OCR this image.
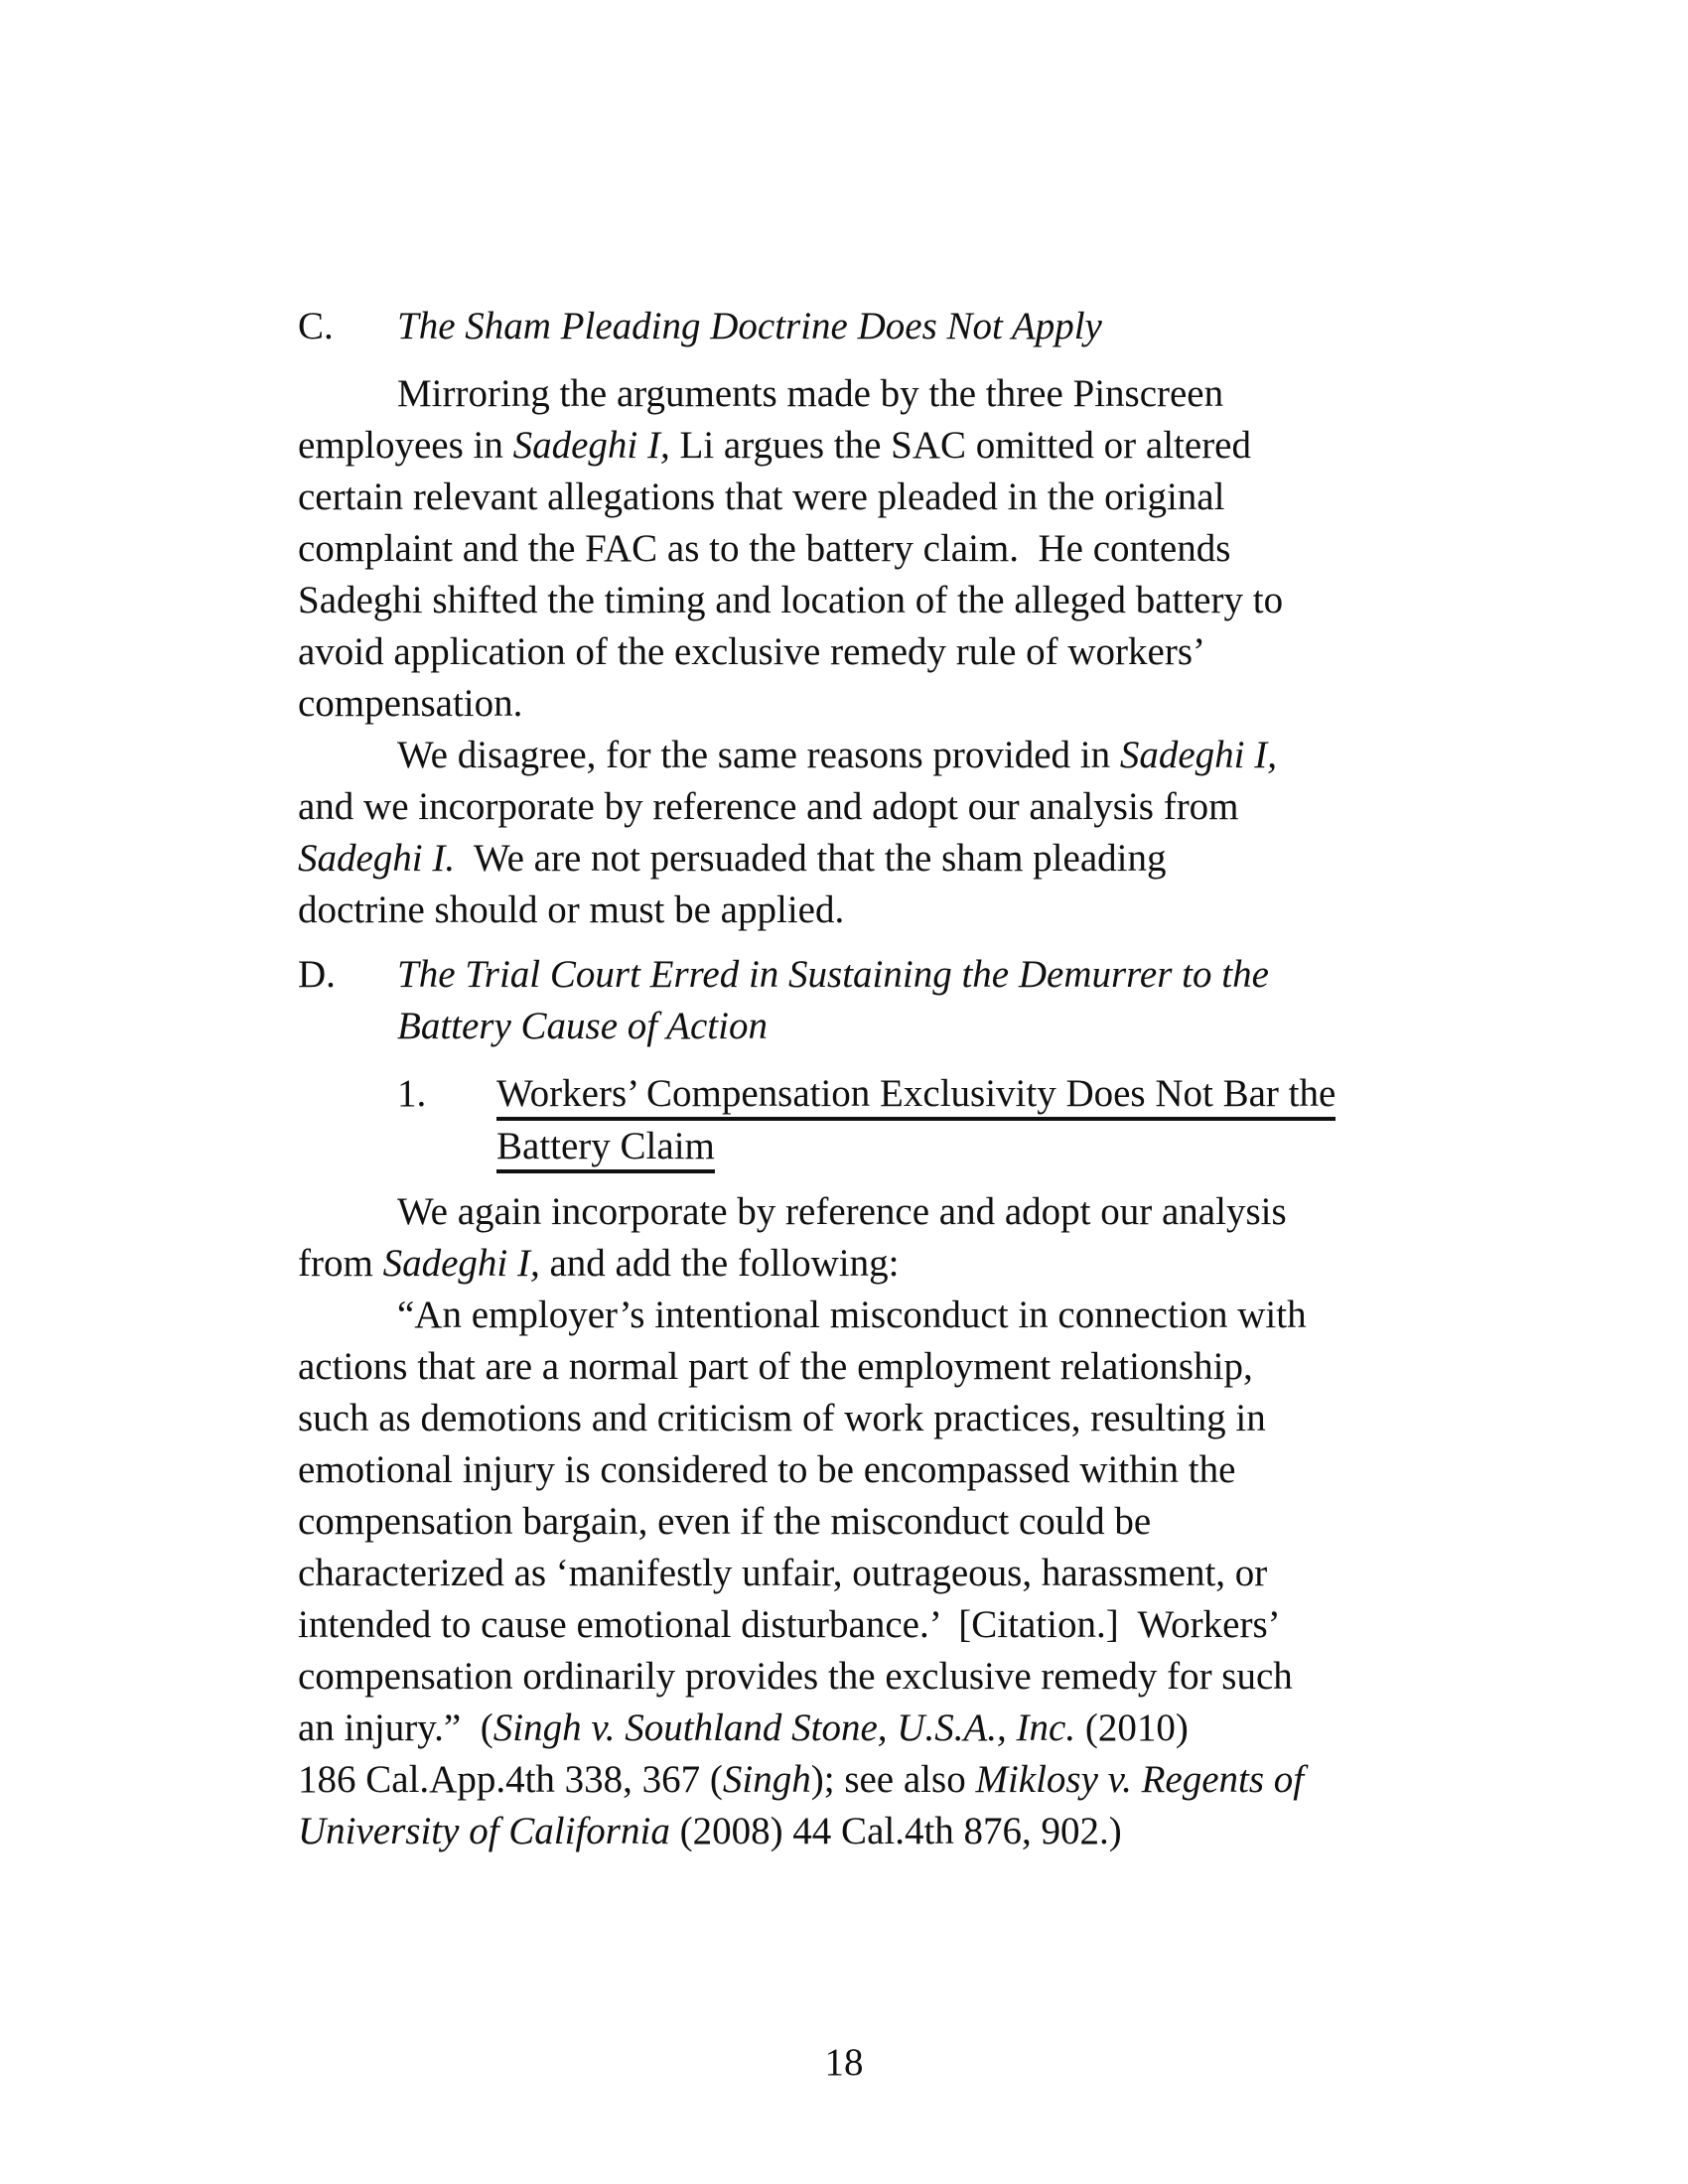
C.	The Sham Pleading Doctrine Does Not Apply
Mirroring the arguments made by the three Pinscreen
employees in Sadeghi I, Li argues the SAC omitted or altered
certain relevant allegations that were pleaded in the original
complaint and the FAC as to the battery claim.  He contends
Sadeghi shifted the timing and location of the alleged battery to
avoid application of the exclusive remedy rule of workers’
compensation.
We disagree, for the same reasons provided in Sadeghi I,
and we incorporate by reference and adopt our analysis from
Sadeghi I.  We are not persuaded that the sham pleading
doctrine should or must be applied.
D.	The Trial Court Erred in Sustaining the Demurrer to the Battery Cause of Action
1.	Workers’ Compensation Exclusivity Does Not Bar the Battery Claim
We again incorporate by reference and adopt our analysis
from Sadeghi I, and add the following:
“An employer’s intentional misconduct in connection with
actions that are a normal part of the employment relationship,
such as demotions and criticism of work practices, resulting in
emotional injury is considered to be encompassed within the
compensation bargain, even if the misconduct could be
characterized as ‘manifestly unfair, outrageous, harassment, or
intended to cause emotional disturbance.’  [Citation.]  Workers’
compensation ordinarily provides the exclusive remedy for such
an injury.”  (Singh v. Southland Stone, U.S.A., Inc. (2010)
186 Cal.App.4th 338, 367 (Singh); see also Miklosy v. Regents of
University of California (2008) 44 Cal.4th 876, 902.)
18
